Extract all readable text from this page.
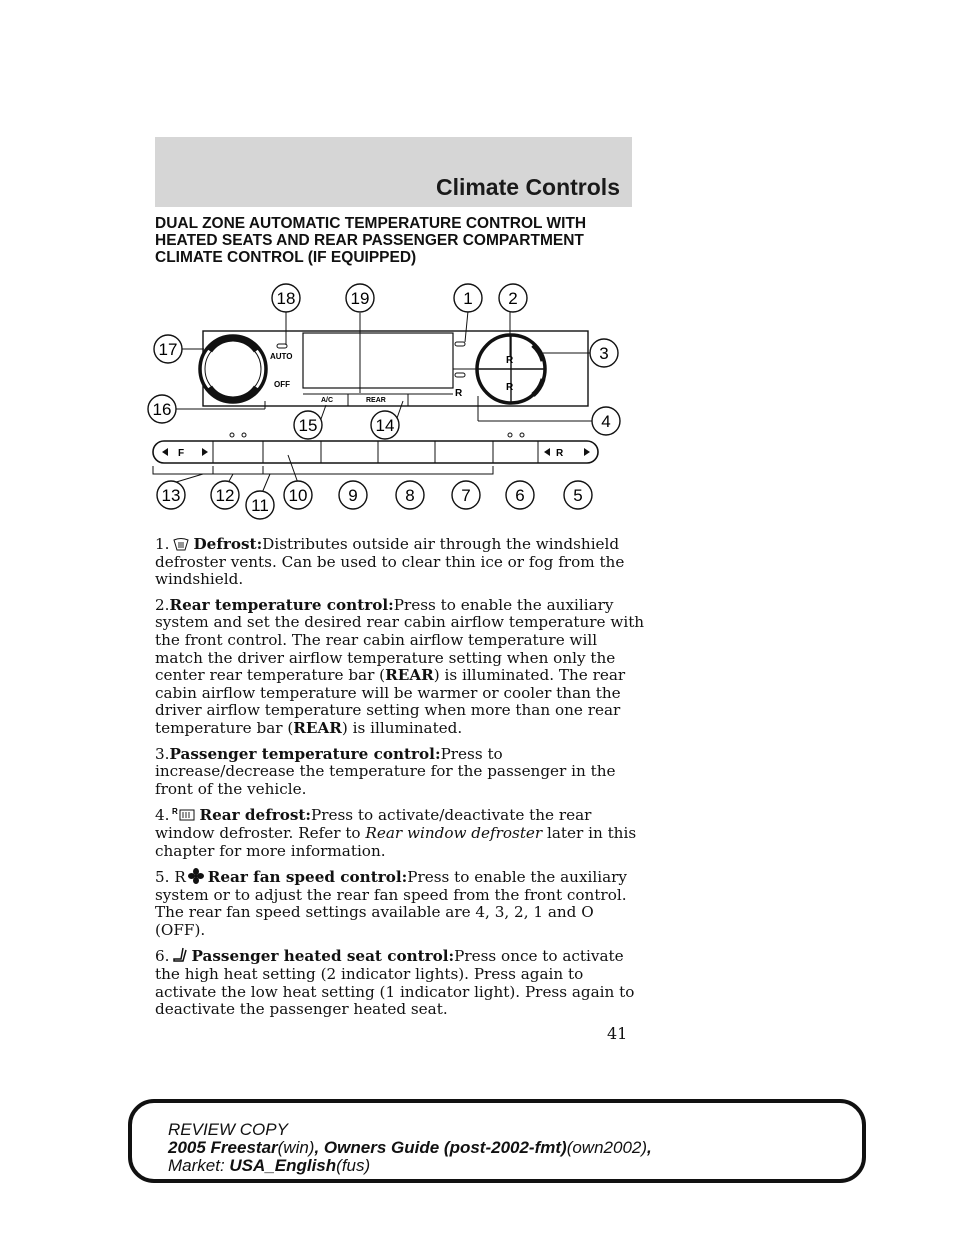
Climate Controls
DUAL ZONE AUTOMATIC TEMPERATURE CONTROL WITH HEATED SEATS AND REAR PASSENGER COMPARTMENT CLIMATE CONTROL (IF EQUIPPED)
R
R
AUTO
OFF
A/C	REAR
R
F	R
18	19	1 2
3
4
17
16
15	14
13 12
11
10 9	8	7	6	5

1. Defrost:Distributes outside air through the windshield defroster vents. Can be used to clear thin ice or fog from the windshield.

2.Rear temperature control:Press to enable the auxiliary system and set the desired rear cabin airflow temperature with the front control. The rear cabin airflow temperature will match the driver airflow temperature setting when only the center rear temperature bar (REAR) is illuminated. The rear cabin airflow temperature will be warmer or cooler than the driver airflow temperature setting when more than one rear temperature bar (REAR) is illuminated.

3.Passenger temperature control:Press to increase/decrease the temperature for the passenger in the front of the vehicle.

4. R Rear defrost:Press to activate/deactivate the rear window defroster. Refer to Rear window defroster later in this chapter for more information.

5. R Rear fan speed control:Press to enable the auxiliary system or to adjust the rear fan speed from the front control. The rear fan speed settings available are 4, 3, 2, 1 and O (OFF).

6. Passenger heated seat control:Press once to activate the high heat setting (2 indicator lights). Press again to activate the low heat setting (1 indicator light). Press again to deactivate the passenger heated seat.

41
REVIEW COPY
2005 Freestar(win), Owners Guide (post-2002-fmt)(own2002),
Market: USA_English(fus)
